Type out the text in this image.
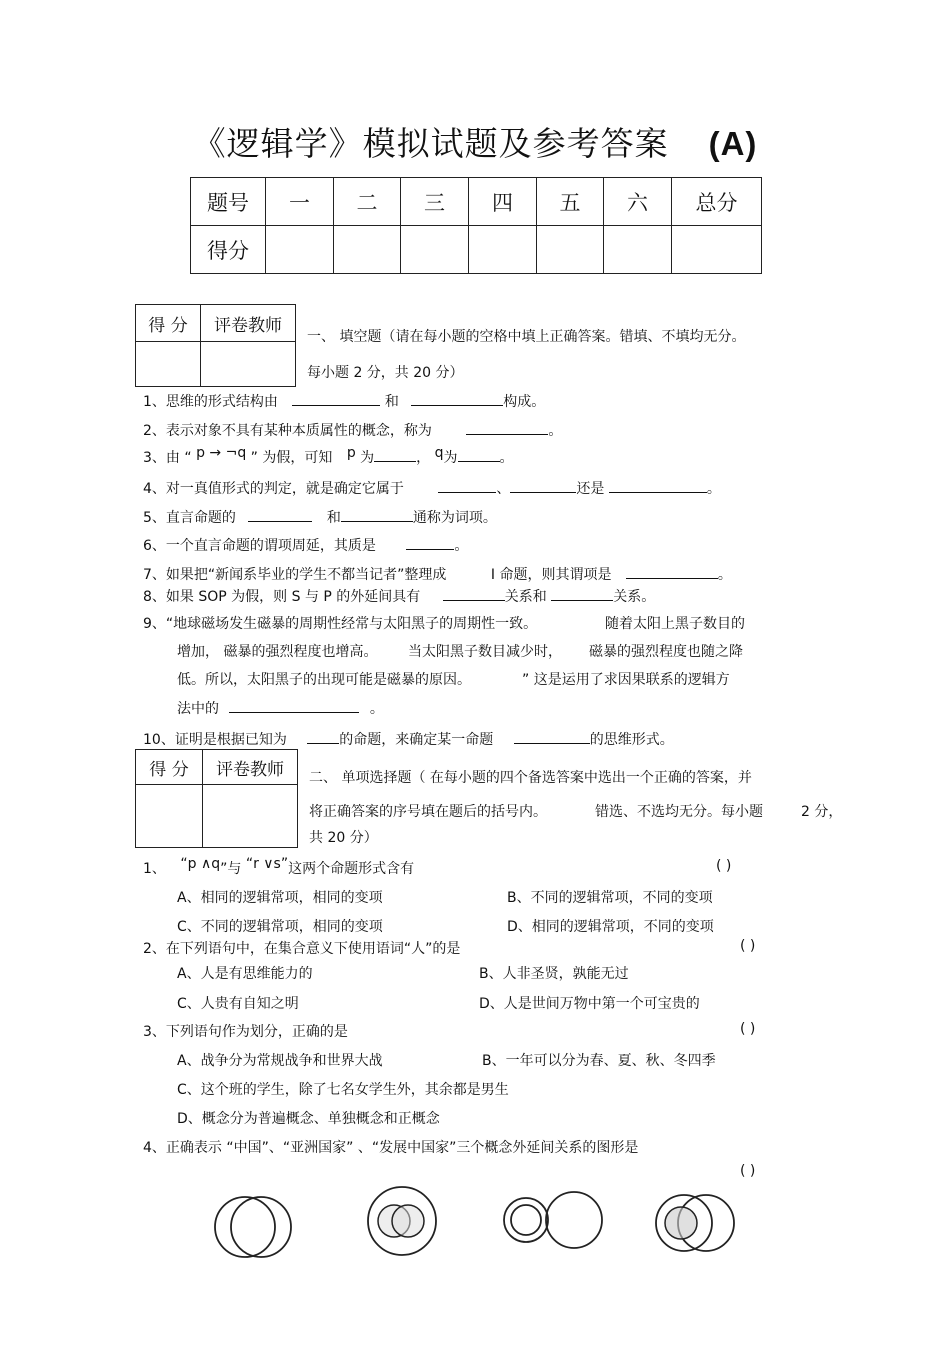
《逻辑学》模拟试题及参考答案 (A)
题号	一	二	三	四	五	六	总分
得分							
得 分	评卷教师

一、 填空题（请在每小题的空格中填上正确答案。错填、不填均无分。
每小题 2 分，共 20 分）
1、思维的形式结构由	和	构成。
2、表示对象不具有某种本质属性的概念，称为	。
3、由 “ p → ¬q ” 为假，可知 p 为	， q为	。
4、对一真值形式的判定，就是确定它属于	、	还是	。
5、直言命题的	和	通称为词项。
6、一个直言命题的谓项周延，其质是	。
7、如果把“新闻系毕业的学生不都当记者”整理成	I 命题，则其谓项是	。
8、如果 SOP 为假，则 S 与 P 的外延间具有	关系和	关系。
9、“地球磁场发生磁暴的周期性经常与太阳黑子的周期性一致。	随着太阳上黑子数目的
增加， 磁暴的强烈程度也增高。 当太阳黑子数目减少时， 磁暴的强烈程度也随之降
低。所以，太阳黑子的出现可能是磁暴的原因。	” 这是运用了求因果联系的逻辑方
法中的	。
10、证明是根据已知为	的命题，来确定某一命题	的思维形式。
得 分	评卷教师
	二、 单项选择题（ 在每小题的四个备选答案中选出一个正确的答案，并
将正确答案的序号填在题后的括号内。	错选、不选均无分。每小题	2 分，
共 20 分）
1、 “p ∧q”与 “r ∨s”这两个命题形式含有	( )
A、相同的逻辑常项，相同的变项	B、不同的逻辑常项，不同的变项
C、不同的逻辑常项，相同的变项	D、相同的逻辑常项，不同的变项
2、在下列语句中，在集合意义下使用语词“人”的是	( )
A、人是有思维能力的	B、人非圣贤，孰能无过
C、人贵有自知之明	D、人是世间万物中第一个可宝贵的
3、下列语句作为划分，正确的是	( )
A、战争分为常规战争和世界大战	B、一年可以分为春、夏、秋、冬四季
C、这个班的学生，除了七名女学生外，其余都是男生
D、概念分为普遍概念、单独概念和正概念
4、正确表示 “中国”、“亚洲国家” 、“发展中国家”三个概念外延间关系的图形是
( )
